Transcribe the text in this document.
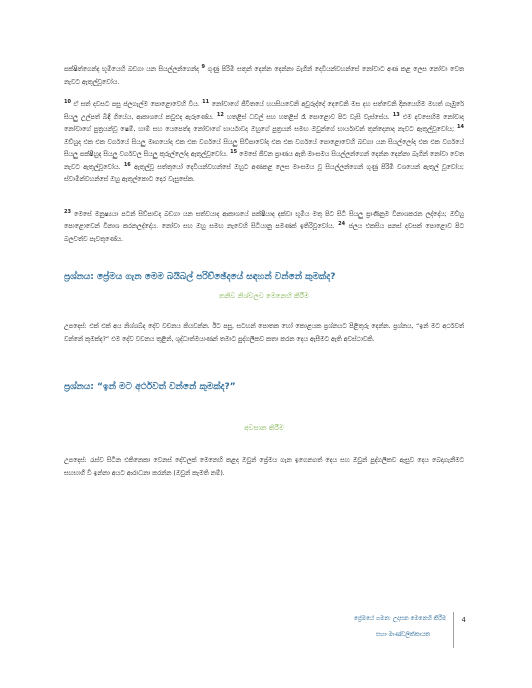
පක්ෂිත්ගෙන්ද භූමියෙහි බඩගා යන සියල්ලන්ගෙන්ද $^9$ ගුණු පිරිමි සතුන් දෙන්න දෙන්නා බැගින් දෙවියන්වහන්සේ නෝවාට අණ කළ ලෙස නෝවා වෙත නැවට ඇතුල්වූවෝය.

$^{10}$ ඒ සත් දවසට පසු ජලගැල්ම පොළොවෙහි විය. $^{11}$ නෝවාගේ ජීවිතයේ හයසියවෙනි අවුරුද්දේ දෙවෙනි මස දහ සත්වෙනි දිනයෙහිම මහත් ගැඹුරේ සියලු උල්පත් බිඳී ගියේය, ආකාශයේ කවුළුද ඇරුණේය. $^{12}$ හතළිස් ධවල් සහ හතළිස් රෑ පොළොව පිට වැසි වැස්සේය. $^{13}$ එම දවසෙහිම නෝවාද නෝවාගේ පුත්‍රයන්වූ ෂෙම්, හාම් සහ යෙපෙත්ද නෝවාගේ භාර්යාවද ඔහුගේ පුත්‍රයන් සමඟ ඔවුන්ගේ භාර්යාවන් තුන්දෙනාද නැවට ඇතුල්වූවෝය; $^{14}$ ඔව්හුද එක එක වර්ගයේ සියලු මෘගයෝද එක එක වර්ගයේ සියලු සිව්පාවෝද එක එක වර්ගයේ පොළොවෙහි බඩගා යන සියල්ලෝද එක එක වර්ගයේ සියලු පක්ෂීහුද සියලු වර්ගවල සියලු කුරුල්ලෝද ඇතුල්වූවෝය. $^{15}$ මෙසේ ජීවන ප්‍රාණය ඇති මාංසමය සියල්ලන්ගෙන් දෙන්න දෙන්නා බැගින් නෝවා වෙත නැවට ඇතුල්වූවෝය. $^{16}$ ඇතුල්වූ සත්තුයෝ දෙවියන්වහන්සේ ඔහුට අණකළ ලෙස මාංසමය වූ සියල්ලන්ගෙන් ගුණු පිරිමි වශයෙන් ඇතුල් වූවෝය; ස්වාමීන්වහන්සේ ඔහු ඇතුල්කොට දොර වැසුසේක.

$^{23}$ මෙසේ මනුෂ්‍යයා පටන් සිව්පාවද බඩගා යන සත්වයාද ආකාශයේ පක්ෂීයාද දක්වා භූමිය මතු පිට සිටි සියලු ප්‍රාණිනුම විනාශකරන ලද්දෝය; ඔව්හු පොළොවෙන් විනාශ කරනලද්දෝය. නෝවා සහ ඔහු සමඟ නැවෙහි සිටියානු පමණක් ඉතිරිවූවෝය. $^{24}$ ජලය එකසිය පනස් දවසක් පොළොව පිට බලවත්ව පැවතුණේය.

ප්‍රශ්නය: ප්‍රේමය ගැන මෙම බයිබල් පරිච්ඡේදයේ සඳහන් වන්නේ කුමක්ද?

තනිව නිශ්චලව මෙනෙහි කිරීම

උපදෙස්: එක් එක් අය නිශ්ශබ්ද දේව වචනය කියවන්න. ඊට පසු, සටහන් පොතක හෝ කොළයක ප්‍රශ්නයට පිළිතුරු දෙන්න. ප්‍රශ්නය, “ඉන් මට අර්ථවත් වන්නේ කුමක්ද?” එම දේව වචනය තුළින්, ශුද්ධාත්මයාණන් තමාට පුද්ගලිකව කතා කරන දෙය ඇසීමට ඇති අවස්ථාවකි.

ප්‍රශ්නය: “ඉන් මට අර්ථවත් වන්නේ කුමක්ද?”

අවසාන කිරීම

උපදෙස්: රැස්ව සිටින එකිනෙකා වෙනස් දේවලක් මෙනෙහි කළද ඔවුන් ප්‍රේමය ගැන ඉගෙනගත් දෙය සහ ඔවුන් පුද්ගලිකව ඇසුව දෙය බෙදාගැනීමට සහභාගී වී ඉන්නා අයට ආරාධනා කරන්න (ඔවුන් කැමති නම්).

ප්‍රේමයේ ගමන: උදාසන මෙනෙහි කිරීම
සහා මාණ්ඩලික්කායක
4
